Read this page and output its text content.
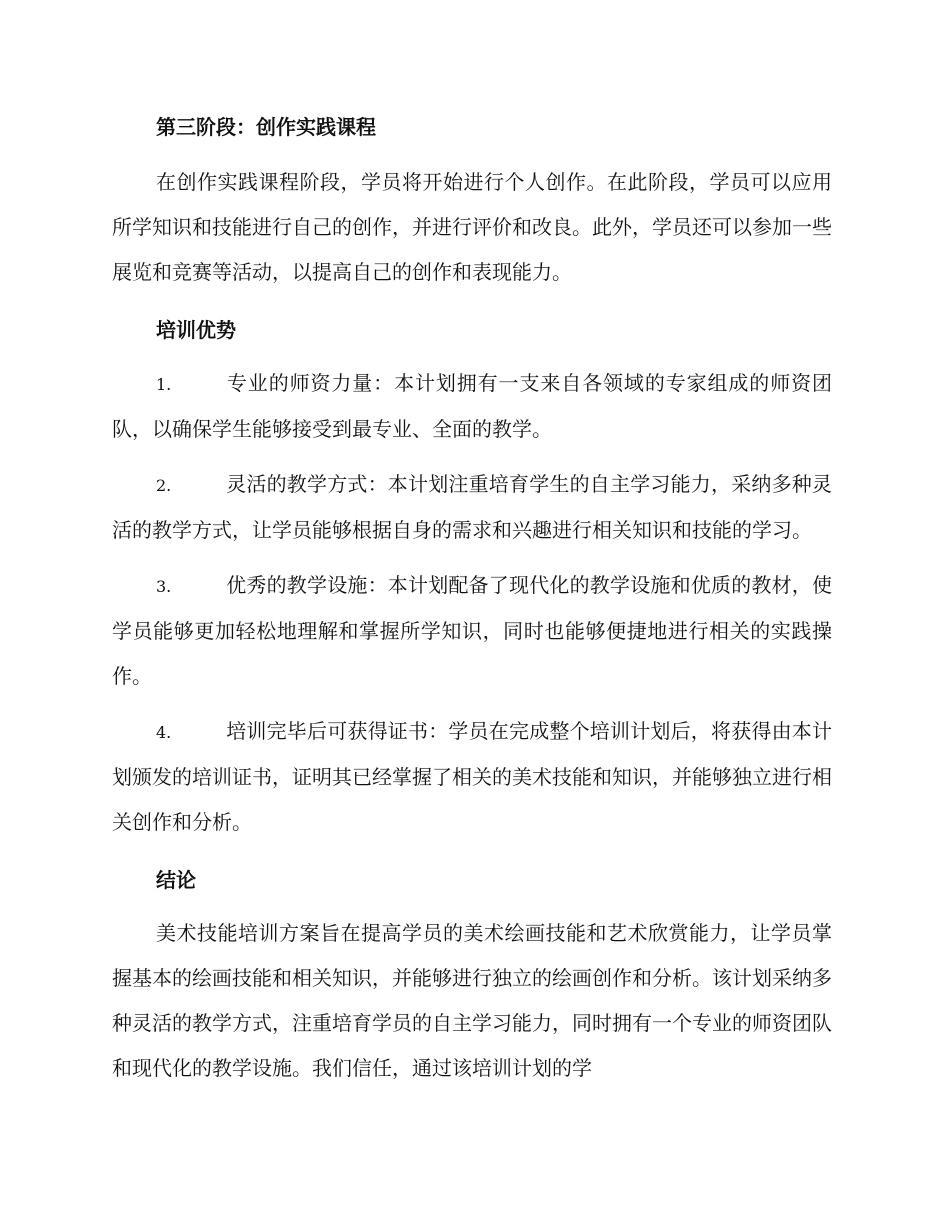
第三阶段：创作实践课程

在创作实践课程阶段，学员将开始进行个人创作。在此阶段，学员可以应用所学知识和技能进行自己的创作，并进行评价和改良。此外，学员还可以参加一些展览和竞赛等活动，以提高自己的创作和表现能力。

培训优势

1.	专业的师资力量：本计划拥有一支来自各领域的专家组成的师资团队，以确保学生能够接受到最专业、全面的教学。

2.	灵活的教学方式：本计划注重培育学生的自主学习能力，采纳多种灵活的教学方式，让学员能够根据自身的需求和兴趣进行相关知识和技能的学习。

3.	优秀的教学设施：本计划配备了现代化的教学设施和优质的教材，使学员能够更加轻松地理解和掌握所学知识，同时也能够便捷地进行相关的实践操作。

4.	培训完毕后可获得证书：学员在完成整个培训计划后，将获得由本计划颁发的培训证书，证明其已经掌握了相关的美术技能和知识，并能够独立进行相关创作和分析。

结论

美术技能培训方案旨在提高学员的美术绘画技能和艺术欣赏能力，让学员掌握基本的绘画技能和相关知识，并能够进行独立的绘画创作和分析。该计划采纳多种灵活的教学方式，注重培育学员的自主学习能力，同时拥有一个专业的师资团队和现代化的教学设施。我们信任，通过该培训计划的学
